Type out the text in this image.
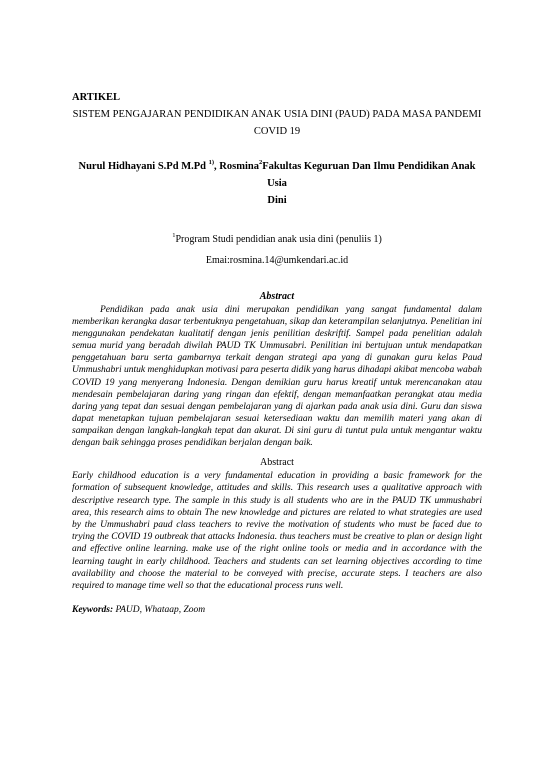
ARTIKEL

SISTEM PENGAJARAN PENDIDIKAN ANAK USIA DINI (PAUD) PADA MASA PANDEMI
COVID 19
Nurul Hidhayani S.Pd M.Pd $^{1)}$, Rosmina$^2$Fakultas Keguruan Dan Ilmu Pendidikan Anak Usia
Dini
$^1$Program Studi pendidian anak usia dini (penuliis 1)
Emai:rosmina.14@umkendari.ac.id
Abstract

Pendidikan pada anak usia dini merupakan pendidikan yang sangat fundamental dalam memberikan kerangka dasar terbentuknya pengetahuan, sikap dan keterampilan selanjutnya. Penelitian ini menggunakan pendekatan kualitatif dengan jenis penilitian deskriftif. Sampel pada penelitian adalah semua murid yang beradah diwilah PAUD TK Ummusabri. Penilitian ini bertujuan untuk mendapatkan penggetahuan baru serta gambarnya terkait dengan strategi apa yang di gunakan guru kelas Paud Ummushabri untuk menghidupkan motivasi para peserta didik yang harus dihadapi akibat mencoba wabah COVID 19 yang menyerang Indonesia. Dengan demikian guru harus kreatif untuk merencanakan atau mendesain pembelajaran daring yang ringan dan efektif, dengan memanfaatkan perangkat atau media daring yang tepat dan sesuai dengan pembelajaran yang di ajarkan pada anak usia dini. Guru dan siswa dapat menetapkan tujuan pembelajaran sesuai ketersediaan waktu dan memilih materi yang akan di sampaikan dengan langkah-langkah tepat dan akurat. Di sini guru di tuntut pula untuk mengantur waktu dengan baik sehingga proses pendidikan berjalan dengan baik.

Abstract

Early childhood education is a very fundamental education in providing a basic framework for the formation of subsequent knowledge, attitudes and skills. This research uses a qualitative approach with descriptive research type. The sample in this study is all students who are in the PAUD TK ummushabri area, this research aims to obtain The new knowledge and pictures are related to what strategies are used by the Ummushabri paud class teachers to revive the motivation of students who must be faced due to trying the COVID 19 outbreak that attacks Indonesia. thus teachers must be creative to plan or design light and effective online learning. make use of the right online tools or media and in accordance with the learning taught in early childhood. Teachers and students can set learning objectives according to time availability and choose the material to be conveyed with precise, accurate steps. I teachers are also required to manage time well so that the educational process runs well.

Keywords: PAUD, Whataap, Zoom
